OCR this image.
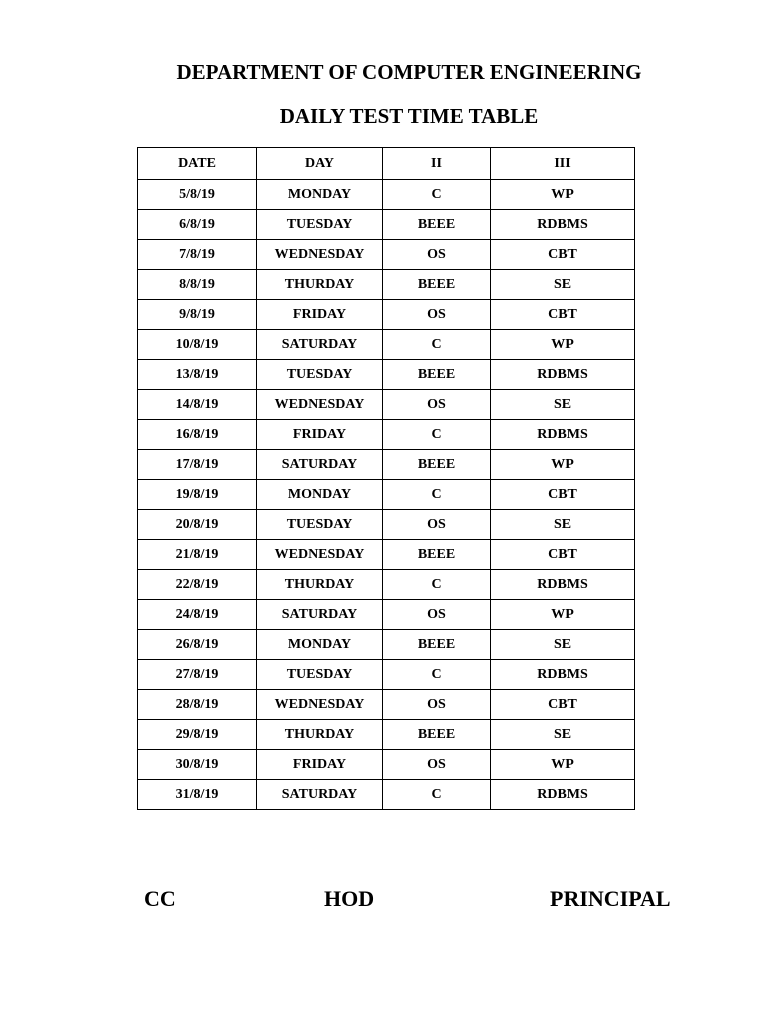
DEPARTMENT OF COMPUTER ENGINEERING
DAILY TEST TIME TABLE
DATE	DAY	II	III
5/8/19	MONDAY	C	WP
6/8/19	TUESDAY	BEEE	RDBMS
7/8/19	WEDNESDAY	OS	CBT
8/8/19	THURDAY	BEEE	SE
9/8/19	FRIDAY	OS	CBT
10/8/19	SATURDAY	C	WP
13/8/19	TUESDAY	BEEE	RDBMS
14/8/19	WEDNESDAY	OS	SE
16/8/19	FRIDAY	C	RDBMS
17/8/19	SATURDAY	BEEE	WP
19/8/19	MONDAY	C	CBT
20/8/19	TUESDAY	OS	SE
21/8/19	WEDNESDAY	BEEE	CBT
22/8/19	THURDAY	C	RDBMS
24/8/19	SATURDAY	OS	WP
26/8/19	MONDAY	BEEE	SE
27/8/19	TUESDAY	C	RDBMS
28/8/19	WEDNESDAY	OS	CBT
29/8/19	THURDAY	BEEE	SE
30/8/19	FRIDAY	OS	WP
31/8/19	SATURDAY	C	RDBMS
CC	HOD	PRINCIPAL
